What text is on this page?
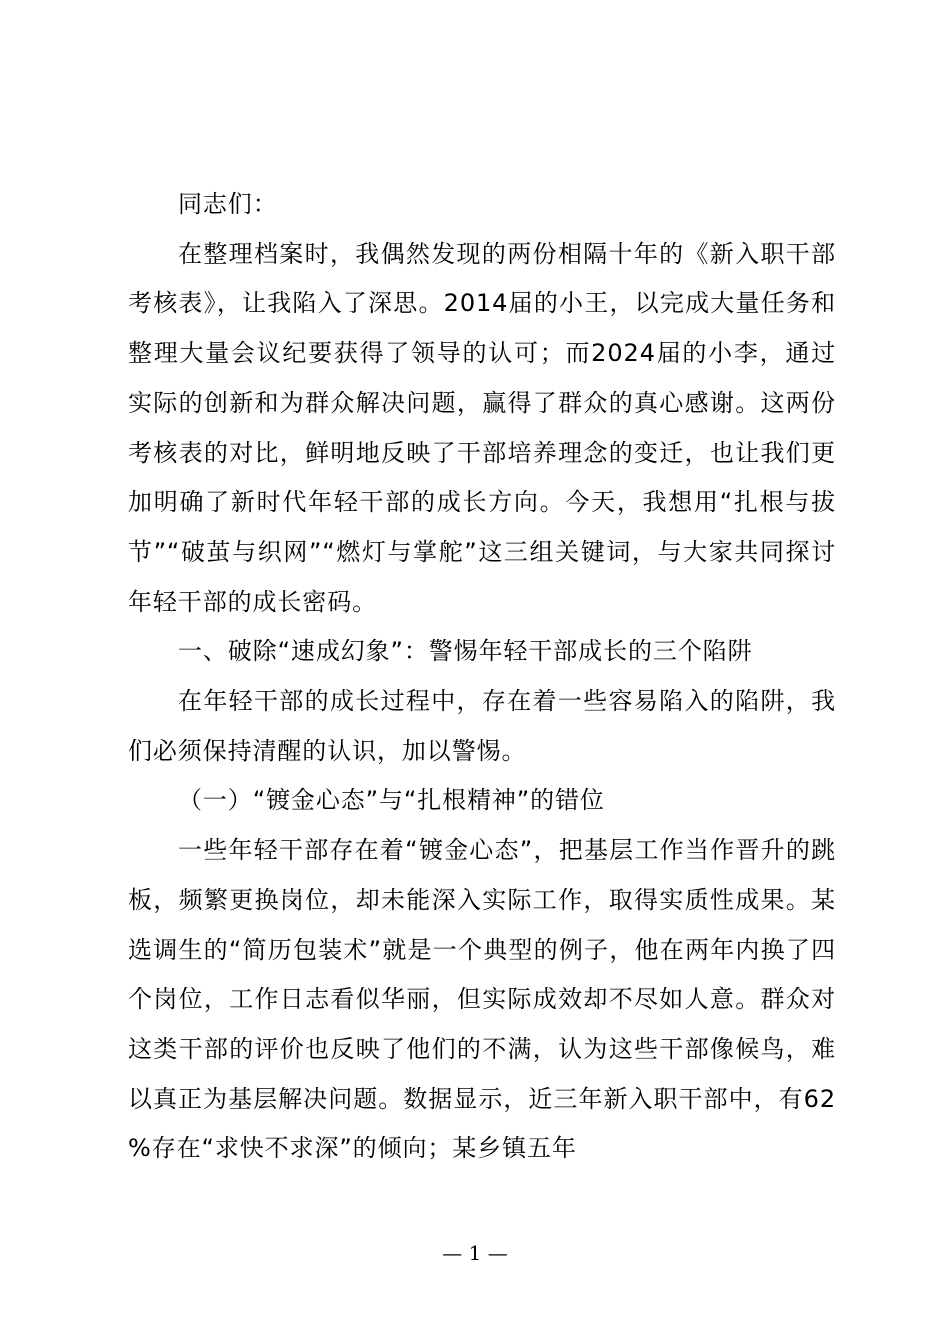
同志们：

在整理档案时，我偶然发现的两份相隔十年的《新入职干部考核表》，让我陷入了深思。2014届的小王，以完成大量任务和整理大量会议纪要获得了领导的认可；而2024届的小李，通过实际的创新和为群众解决问题，赢得了群众的真心感谢。这两份考核表的对比，鲜明地反映了干部培养理念的变迁，也让我们更加明确了新时代年轻干部的成长方向。今天，我想用“扎根与拔节”“破茧与织网”“燃灯与掌舵”这三组关键词，与大家共同探讨年轻干部的成长密码。

一、破除“速成幻象”：警惕年轻干部成长的三个陷阱

在年轻干部的成长过程中，存在着一些容易陷入的陷阱，我们必须保持清醒的认识，加以警惕。

（一）“镀金心态”与“扎根精神”的错位

一些年轻干部存在着“镀金心态”，把基层工作当作晋升的跳板，频繁更换岗位，却未能深入实际工作，取得实质性成果。某选调生的“简历包装术”就是一个典型的例子，他在两年内换了四个岗位，工作日志看似华丽，但实际成效却不尽如人意。群众对这类干部的评价也反映了他们的不满，认为这些干部像候鸟，难以真正为基层解决问题。数据显示，近三年新入职干部中，有62%存在“求快不求深”的倾向；某乡镇五年

— 1 —
